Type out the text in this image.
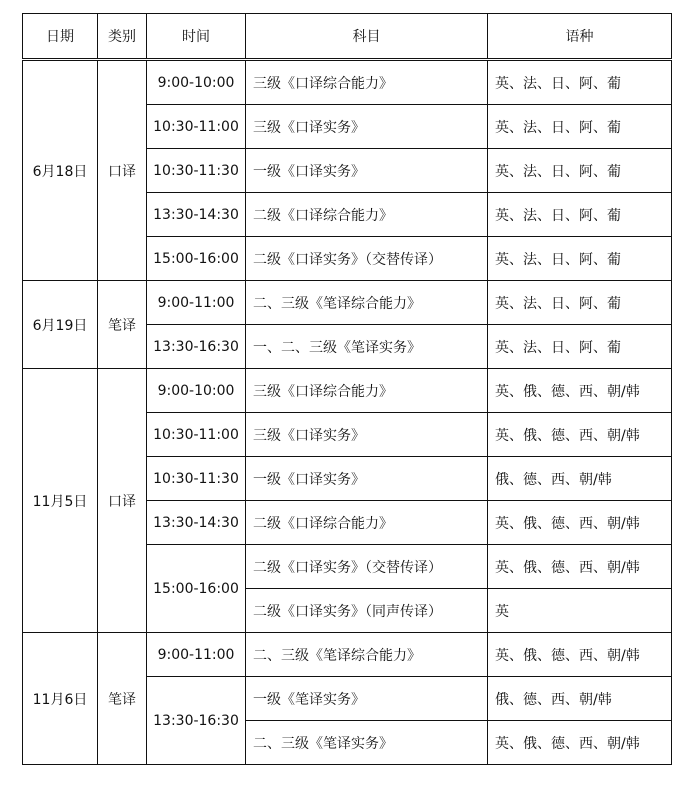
日期	类别	时间	科目	语种
6月18日	口译	9:00-10:00	三级《口译综合能力》	英、法、日、阿、葡
		10:30-11:00	三级《口译实务》	英、法、日、阿、葡
		10:30-11:30	一级《口译实务》	英、法、日、阿、葡
		13:30-14:30	二级《口译综合能力》	英、法、日、阿、葡
		15:00-16:00	二级《口译实务》（交替传译）	英、法、日、阿、葡
6月19日	笔译	9:00-11:00	二、三级《笔译综合能力》	英、法、日、阿、葡
		13:30-16:30	一、二、三级《笔译实务》	英、法、日、阿、葡
11月5日	口译	9:00-10:00	三级《口译综合能力》	英、俄、德、西、朝/韩
		10:30-11:00	三级《口译实务》	英、俄、德、西、朝/韩
		10:30-11:30	一级《口译实务》	俄、德、西、朝/韩
		13:30-14:30	二级《口译综合能力》	英、俄、德、西、朝/韩
		15:00-16:00	二级《口译实务》（交替传译）	英、俄、德、西、朝/韩
			二级《口译实务》（同声传译）	英
11月6日	笔译	9:00-11:00	二、三级《笔译综合能力》	英、俄、德、西、朝/韩
		13:30-16:30	一级《笔译实务》	俄、德、西、朝/韩
			二、三级《笔译实务》	英、俄、德、西、朝/韩
